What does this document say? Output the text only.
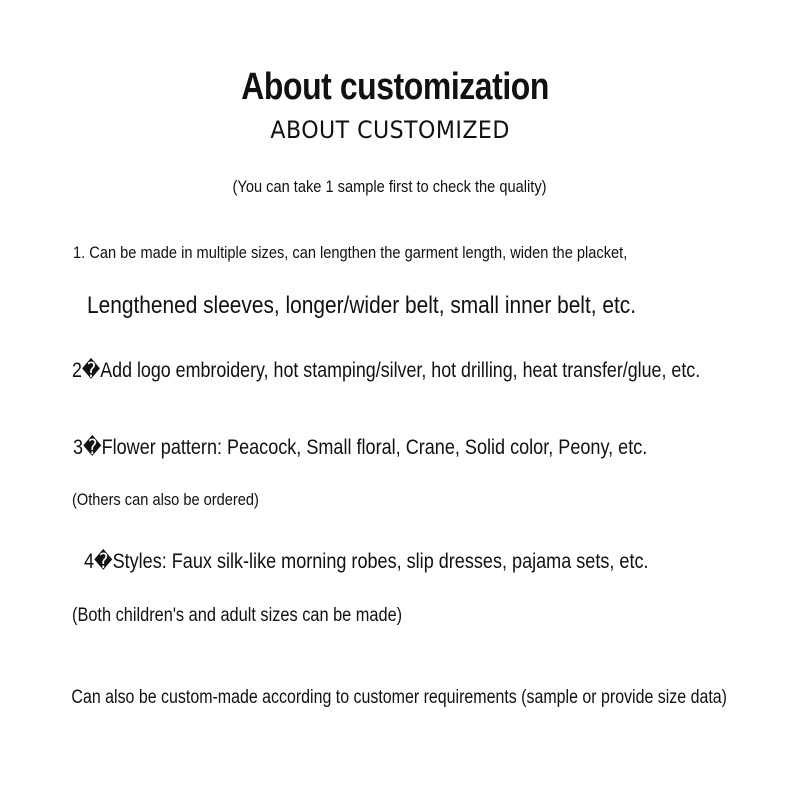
About customization
ABOUT CUSTOMIZED
(You can take 1 sample first to check the quality)
1. Can be made in multiple sizes, can lengthen the garment length, widen the placket,
Lengthened sleeves, longer/wider belt, small inner belt, etc.
2�Add logo embroidery, hot stamping/silver, hot drilling, heat transfer/glue, etc.
3�Flower pattern: Peacock, Small floral, Crane, Solid color, Peony, etc.
(Others can also be ordered)
4�Styles: Faux silk-like morning robes, slip dresses, pajama sets, etc.
(Both children's and adult sizes can be made)
Can also be custom-made according to customer requirements (sample or provide size data)
